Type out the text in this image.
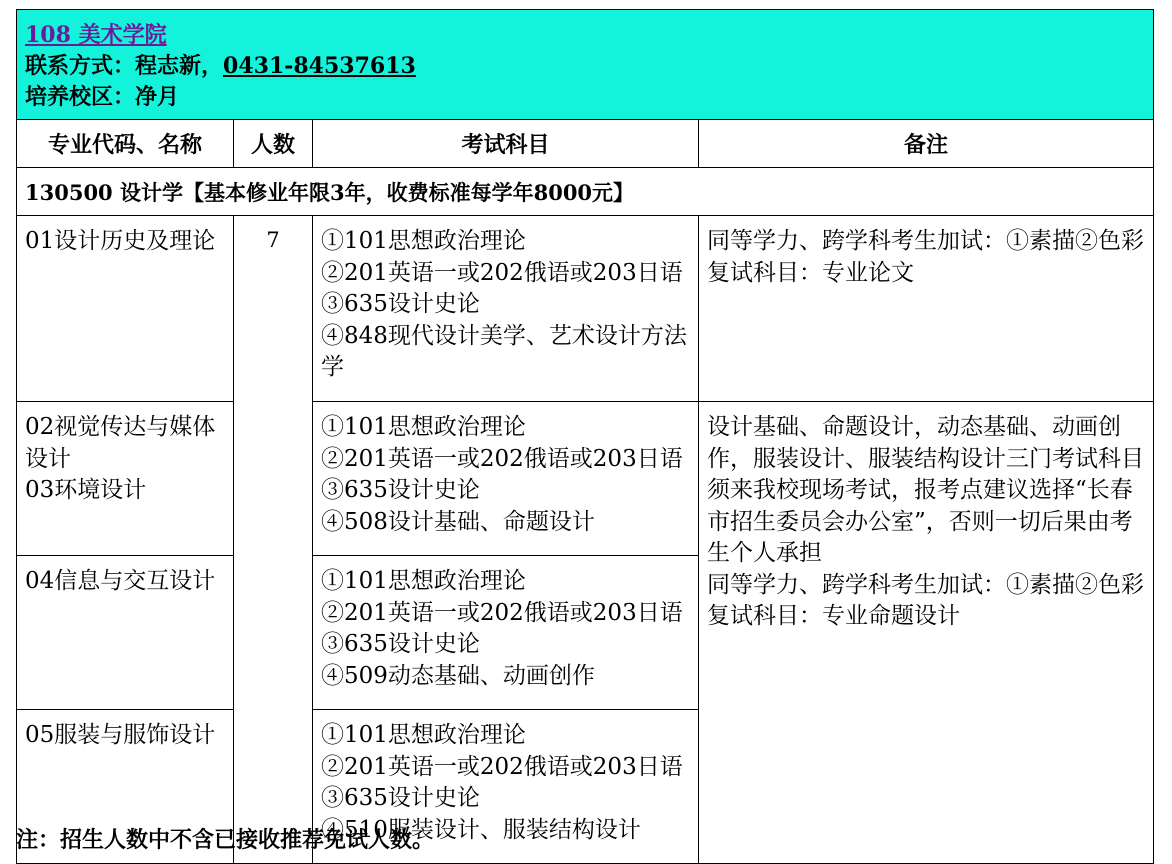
108 美术学院
联系方式：程志新，0431-84537613
培养校区：净月			

专业代码、名称	人数	考试科目	备注
130500 设计学【基本修业年限3年，收费标准每学年8000元】			

01设计历史及理论	7	①101思想政治理论
②201英语一或202俄语或203日语
③635设计史论
④848现代设计美学、艺术设计方法学	同等学力、跨学科考生加试：①素描②色彩
复试科目：专业论文

02视觉传达与媒体设计
03环境设计		①101思想政治理论
②201英语一或202俄语或203日语
③635设计史论
④508设计基础、命题设计	设计基础、命题设计，动态基础、动画创作，服装设计、服装结构设计三门考试科目须来我校现场考试，报考点建议选择“长春市招生委员会办公室”，否则一切后果由考生个人承担
同等学力、跨学科考生加试：①素描②色彩
复试科目：专业命题设计

04信息与交互设计		①101思想政治理论
②201英语一或202俄语或203日语
③635设计史论
④509动态基础、动画创作	

05服装与服饰设计		①101思想政治理论
②201英语一或202俄语或203日语
③635设计史论
④510服装设计、服装结构设计	
注：招生人数中不含已接收推荐免试人数。
